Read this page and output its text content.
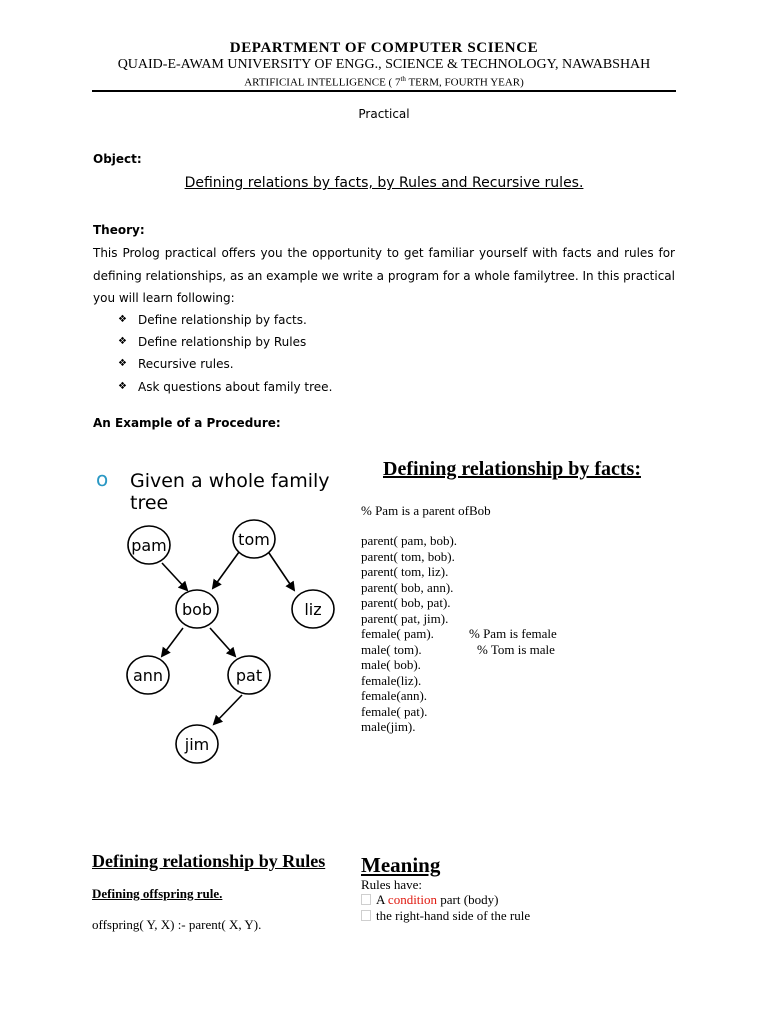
DEPARTMENT OF COMPUTER SCIENCE
QUAID-E-AWAM UNIVERSITY OF ENGG., SCIENCE & TECHNOLOGY, NAWABSHAH
ARTIFICIAL INTELLIGENCE ( 7th TERM, FOURTH YEAR)
Practical
Object:
Defining relations by facts, by Rules and Recursive rules.
Theory:
This Prolog practical offers you the opportunity to get familiar yourself with facts and rules for defining relationships, as an example we write a program for a whole familytree. In this practical you will learn following:
❖ Define relationship by facts.
❖ Define relationship by Rules
❖ Recursive rules.
❖ Ask questions about family tree.
An Example of a Procedure:
o Given a whole family
tree
pam	tom
bob	liz
ann	pat
jim
Defining relationship by facts:
% Pam is a parent ofBob
parent( pam, bob).
parent( tom, bob).
parent( tom, liz).
parent( bob, ann).
parent( bob, pat).
parent( pat, jim).
female( pam).	% Pam is female
male( tom).	% Tom is male
male( bob).
female(liz).
female(ann).
female( pat).
male(jim).
Defining relationship by Rules
Defining offspring rule.
offspring( Y, X) :- parent( X, Y).
Meaning
Rules have:
A condition part (body)
the right-hand side of the rule
